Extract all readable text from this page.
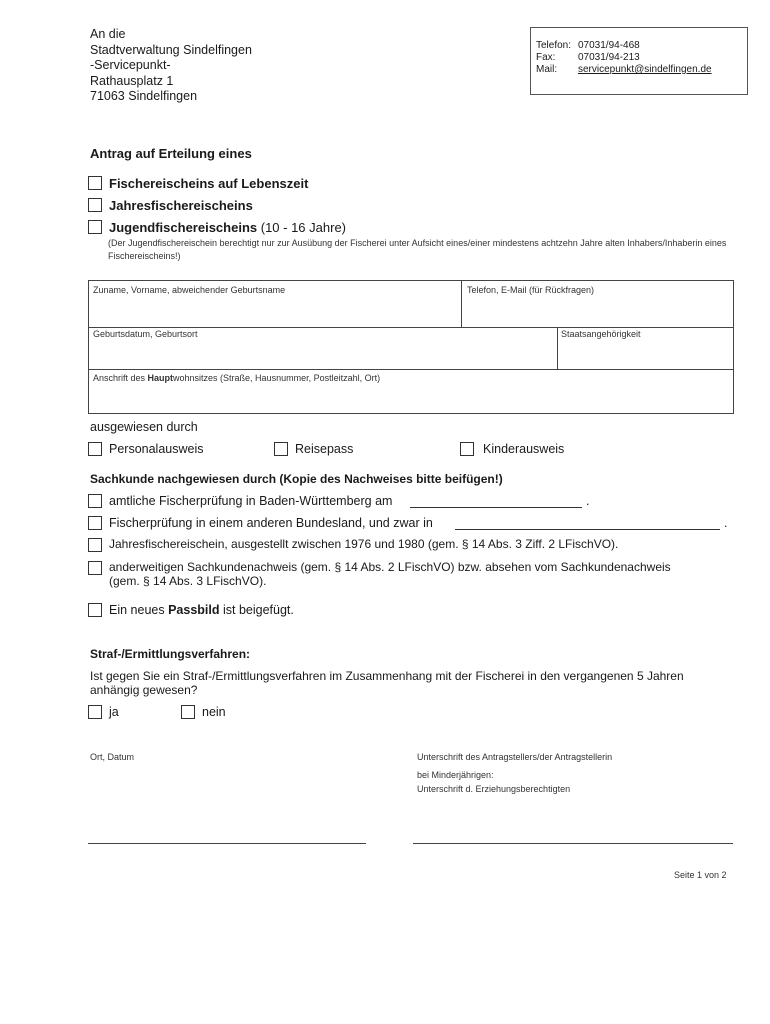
An die
Stadtverwaltung Sindelfingen
-Servicepunkt-
Rathausplatz 1
71063 Sindelfingen
Telefon: 07031/94-468
Fax:	07031/94-213
Mail:	servicepunkt@sindelfingen.de
Antrag auf Erteilung eines
Fischereischeins auf Lebenszeit
Jahresfischereischeins
Jugendfischereischeins (10 - 16 Jahre)
(Der Jugendfischereischein berechtigt nur zur Ausübung der Fischerei unter Aufsicht eines/einer mindestens achtzehn Jahre alten Inhabers/Inhaberin eines Fischereischeins!)
Zuname, Vorname, abweichender Geburtsname	Telefon, E-Mail (für Rückfragen)
Geburtsdatum, Geburtsort	Staatsangehörigkeit
Anschrift des Hauptwohnsitzes (Straße, Hausnummer, Postleitzahl, Ort)
ausgewiesen durch
Personalausweis	Reisepass	Kinderausweis
Sachkunde nachgewiesen durch (Kopie des Nachweises bitte beifügen!)
amtliche Fischerprüfung in Baden-Württemberg am	.
Fischerprüfung in einem anderen Bundesland, und zwar in	.
Jahresfischereischein, ausgestellt zwischen 1976 und 1980 (gem. § 14 Abs. 3 Ziff. 2 LFischVO).
anderweitigen Sachkundenachweis (gem. § 14 Abs. 2 LFischVO) bzw. absehen vom Sachkundenachweis
(gem. § 14 Abs. 3 LFischVO).
Ein neues Passbild ist beigefügt.
Straf-/Ermittlungsverfahren:
Ist gegen Sie ein Straf-/Ermittlungsverfahren im Zusammenhang mit der Fischerei in den vergangenen 5 Jahren
anhängig gewesen?
ja	nein
Ort, Datum	Unterschrift des Antragstellers/der Antragstellerin
bei Minderjährigen:
Unterschrift d. Erziehungsberechtigten
Seite 1 von 2
